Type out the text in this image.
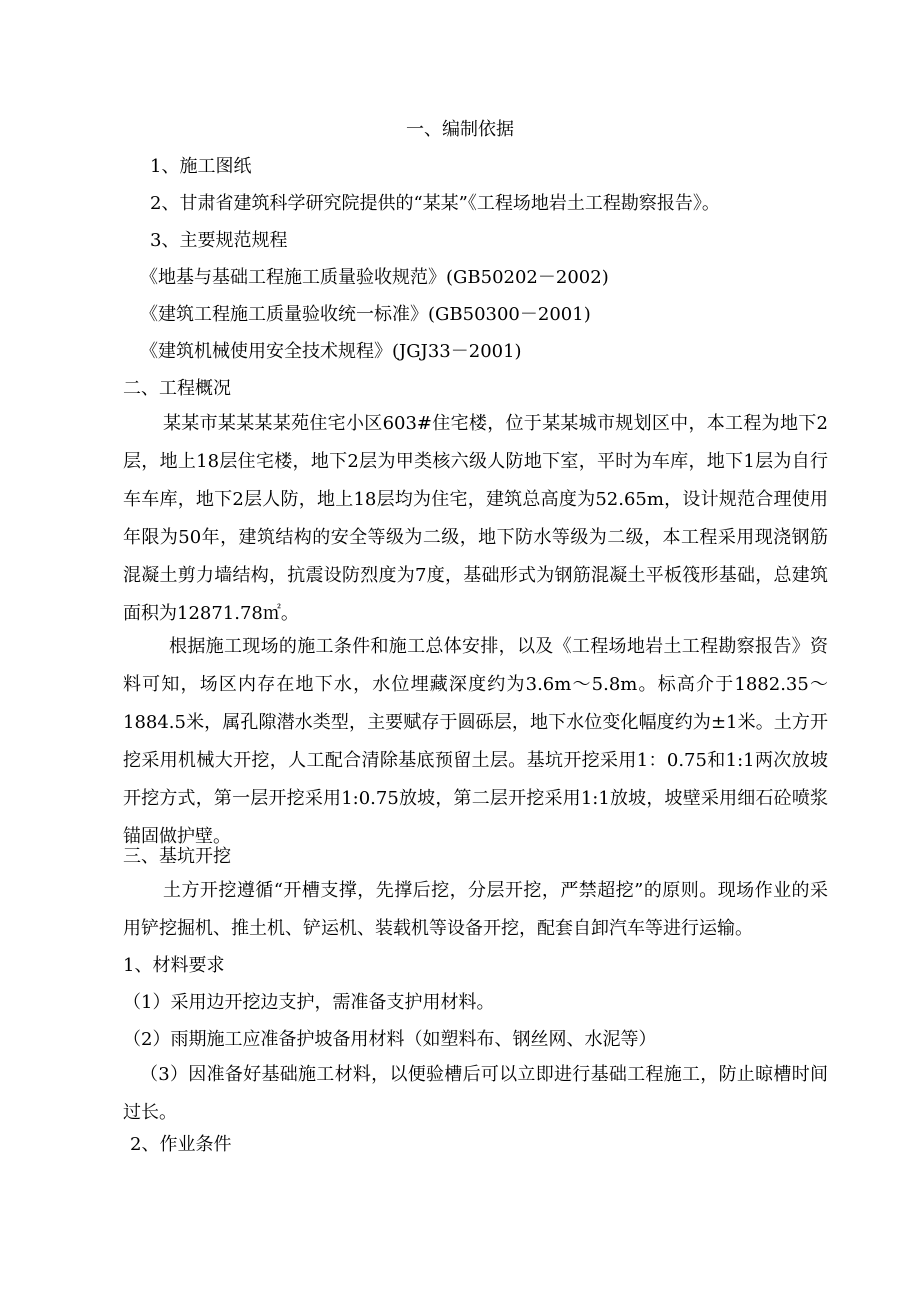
一、编制依据

1、施工图纸

2、甘肃省建筑科学研究院提供的“某某”《工程场地岩土工程勘察报告》。

3、主要规范规程

《地基与基础工程施工质量验收规范》(GB50202－2002)

《建筑工程施工质量验收统一标准》(GB50300－2001)

《建筑机械使用安全技术规程》(JGJ33－2001)

二、工程概况

某某市某某某某苑住宅小区603#住宅楼，位于某某城市规划区中，本工程为地下2层，地上18层住宅楼，地下2层为甲类核六级人防地下室，平时为车库，地下1层为自行车车库，地下2层人防，地上18层均为住宅，建筑总高度为52.65m，设计规范合理使用年限为50年，建筑结构的安全等级为二级，地下防水等级为二级，本工程采用现浇钢筋混凝土剪力墙结构，抗震设防烈度为7度，基础形式为钢筋混凝土平板筏形基础，总建筑面积为12871.78㎡。

根据施工现场的施工条件和施工总体安排，以及《工程场地岩土工程勘察报告》资料可知，场区内存在地下水，水位埋藏深度约为3.6m～5.8m。标高介于1882.35～1884.5米，属孔隙潜水类型，主要赋存于圆砾层，地下水位变化幅度约为±1米。土方开挖采用机械大开挖，人工配合清除基底预留土层。基坑开挖采用1：0.75和1:1两次放坡开挖方式，第一层开挖采用1:0.75放坡，第二层开挖采用1:1放坡，坡壁采用细石砼喷浆锚固做护壁。

三、基坑开挖

土方开挖遵循“开槽支撑，先撑后挖，分层开挖，严禁超挖”的原则。现场作业的采用铲挖掘机、推土机、铲运机、装载机等设备开挖，配套自卸汽车等进行运输。

1、材料要求

（1）采用边开挖边支护，需准备支护用材料。

（2）雨期施工应准备护坡备用材料（如塑料布、钢丝网、水泥等）

（3）因准备好基础施工材料，以便验槽后可以立即进行基础工程施工，防止晾槽时间过长。

2、作业条件
